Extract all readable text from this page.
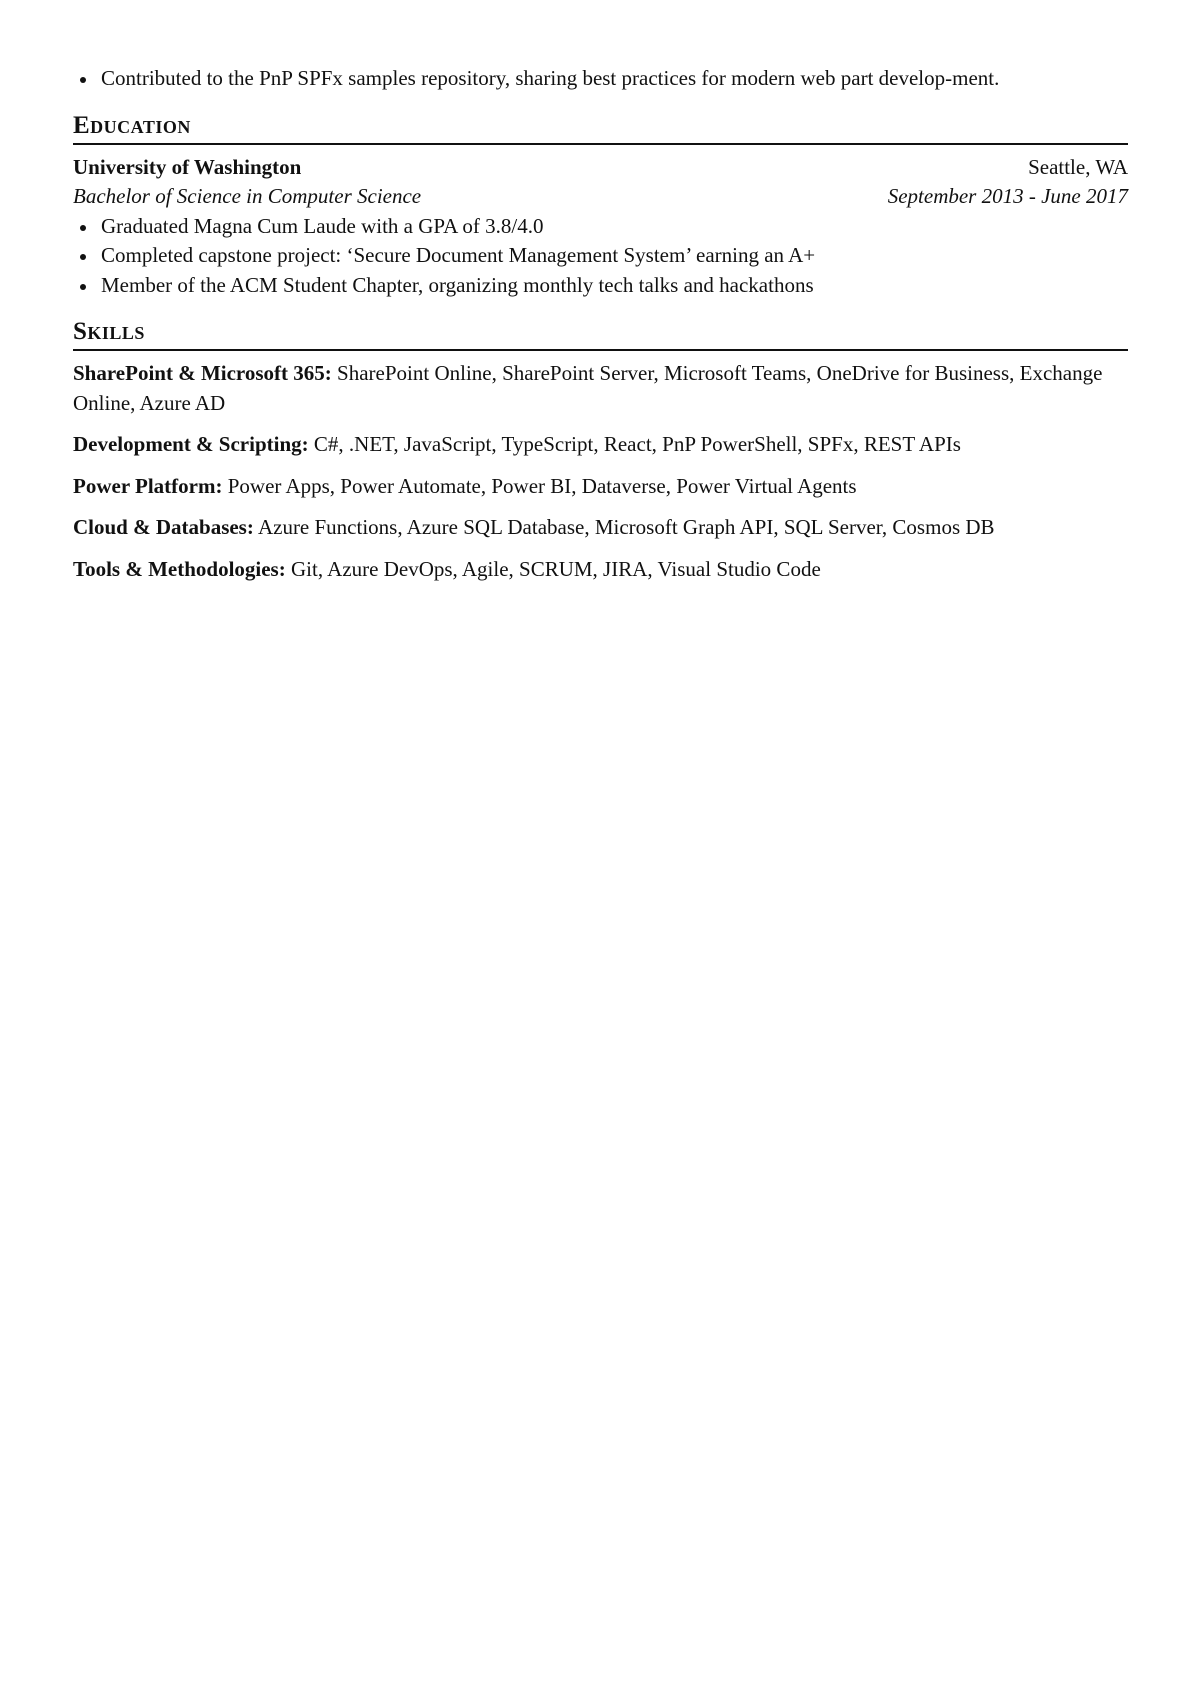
Contributed to the PnP SPFx samples repository, sharing best practices for modern web part develop-ment.
Education
University of Washington	Seattle, WA
Bachelor of Science in Computer Science	September 2013 - June 2017
Graduated Magna Cum Laude with a GPA of 3.8/4.0
Completed capstone project: ‘Secure Document Management System’ earning an A+
Member of the ACM Student Chapter, organizing monthly tech talks and hackathons
Skills
SharePoint & Microsoft 365: SharePoint Online, SharePoint Server, Microsoft Teams, OneDrive for Business, Exchange Online, Azure AD
Development & Scripting: C#, .NET, JavaScript, TypeScript, React, PnP PowerShell, SPFx, REST APIs
Power Platform: Power Apps, Power Automate, Power BI, Dataverse, Power Virtual Agents
Cloud & Databases: Azure Functions, Azure SQL Database, Microsoft Graph API, SQL Server, Cosmos DB
Tools & Methodologies: Git, Azure DevOps, Agile, SCRUM, JIRA, Visual Studio Code
